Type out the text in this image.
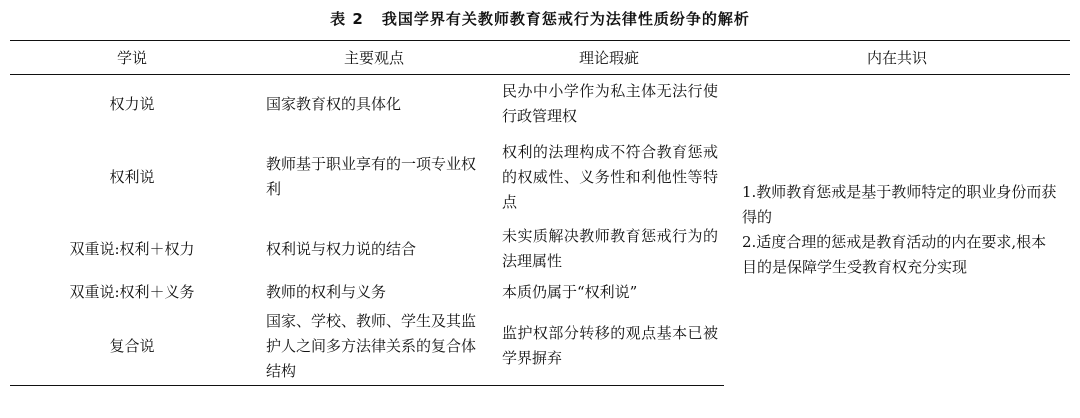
表 2 我国学界有关教师教育惩戒行为法律性质纷争的解析
学说	主要观点	理论瑕疵	内在共识
权力说	国家教育权的具体化	民办中小学作为私主体无法行使行政管理权	1.教师教育惩戒是基于教师特定的职业身份而获得的
2.适度合理的惩戒是教育活动的内在要求,根本目的是保障学生受教育权充分实现

权利说	教师基于职业享有的一项专业权利	权利的法理构成不符合教育惩戒的权威性、义务性和利他性等特点	
双重说:权利＋权力	权利说与权力说的结合	未实质解决教师教育惩戒行为的法理属性	
双重说:权利＋义务	教师的权利与义务	本质仍属于“权利说”	
复合说	国家、学校、教师、学生及其监护人之间多方法律关系的复合体结构	监护权部分转移的观点基本已被学界摒弃	
